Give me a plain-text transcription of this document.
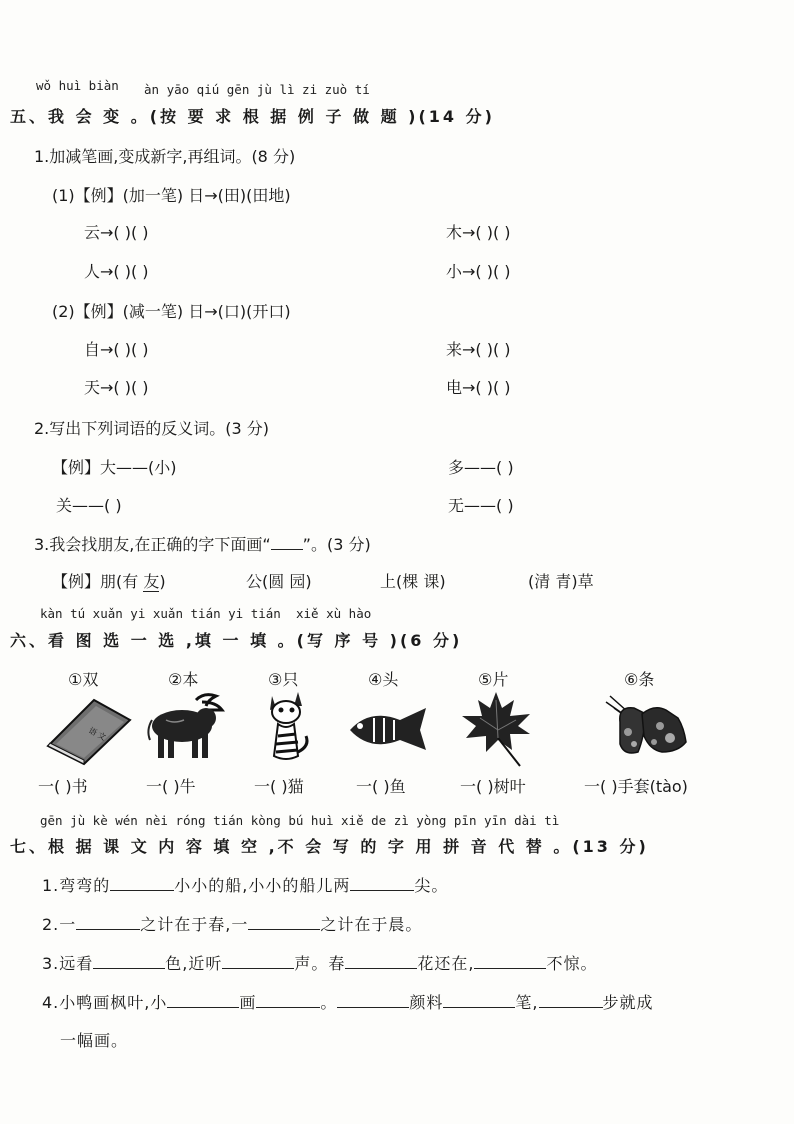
wǒ huì biàn àn yāo qiú gēn jù lì zi zuò tí
五、我 会 变 。(按 要 求 根 据 例 子 做 题 )(14 分)
1.加减笔画,变成新字,再组词。(8 分)
(1)【例】(加一笔) 日→(田)(田地)
云→( )( )	木→( )( )
人→( )( )	小→( )( )
(2)【例】(减一笔) 日→(口)(开口)
自→( )( )	来→( )( )
天→( )( )	电→( )( )
2.写出下列词语的反义词。(3 分)
【例】大——(小)	多——( )
关——( )	无——( )
3.我会找朋友,在正确的字下面画“ ”。(3 分)
【例】朋(有 友)	公(圆 园)	上(棵 课)	(清 青)草
kàn tú xuǎn yi xuǎn tián yi tián xiě xù hào
六、看 图 选 一 选 ,填 一 填 。(写 序 号 )(6 分)
①双	②本	③只	④头	⑤片	⑥条
语 文
一( )书	一( )牛	一( )猫	一( )鱼	一( )树叶	一( )手套(tào)
gēn jù kè wén nèi róng tián kòng bú huì xiě de zì yòng pīn yīn dài tì
七、根 据 课 文 内 容 填 空 ,不 会 写 的 字 用 拼 音 代 替 。(13 分)
1.弯弯的	小小的船,小小的船儿两	尖。
2.一	之计在于春,一	之计在于晨。
3.远看	色,近听	声。春	花还在,	不惊。
4.小鸭画枫叶,小	画	。	颜料	笔,	步就成
一幅画。
